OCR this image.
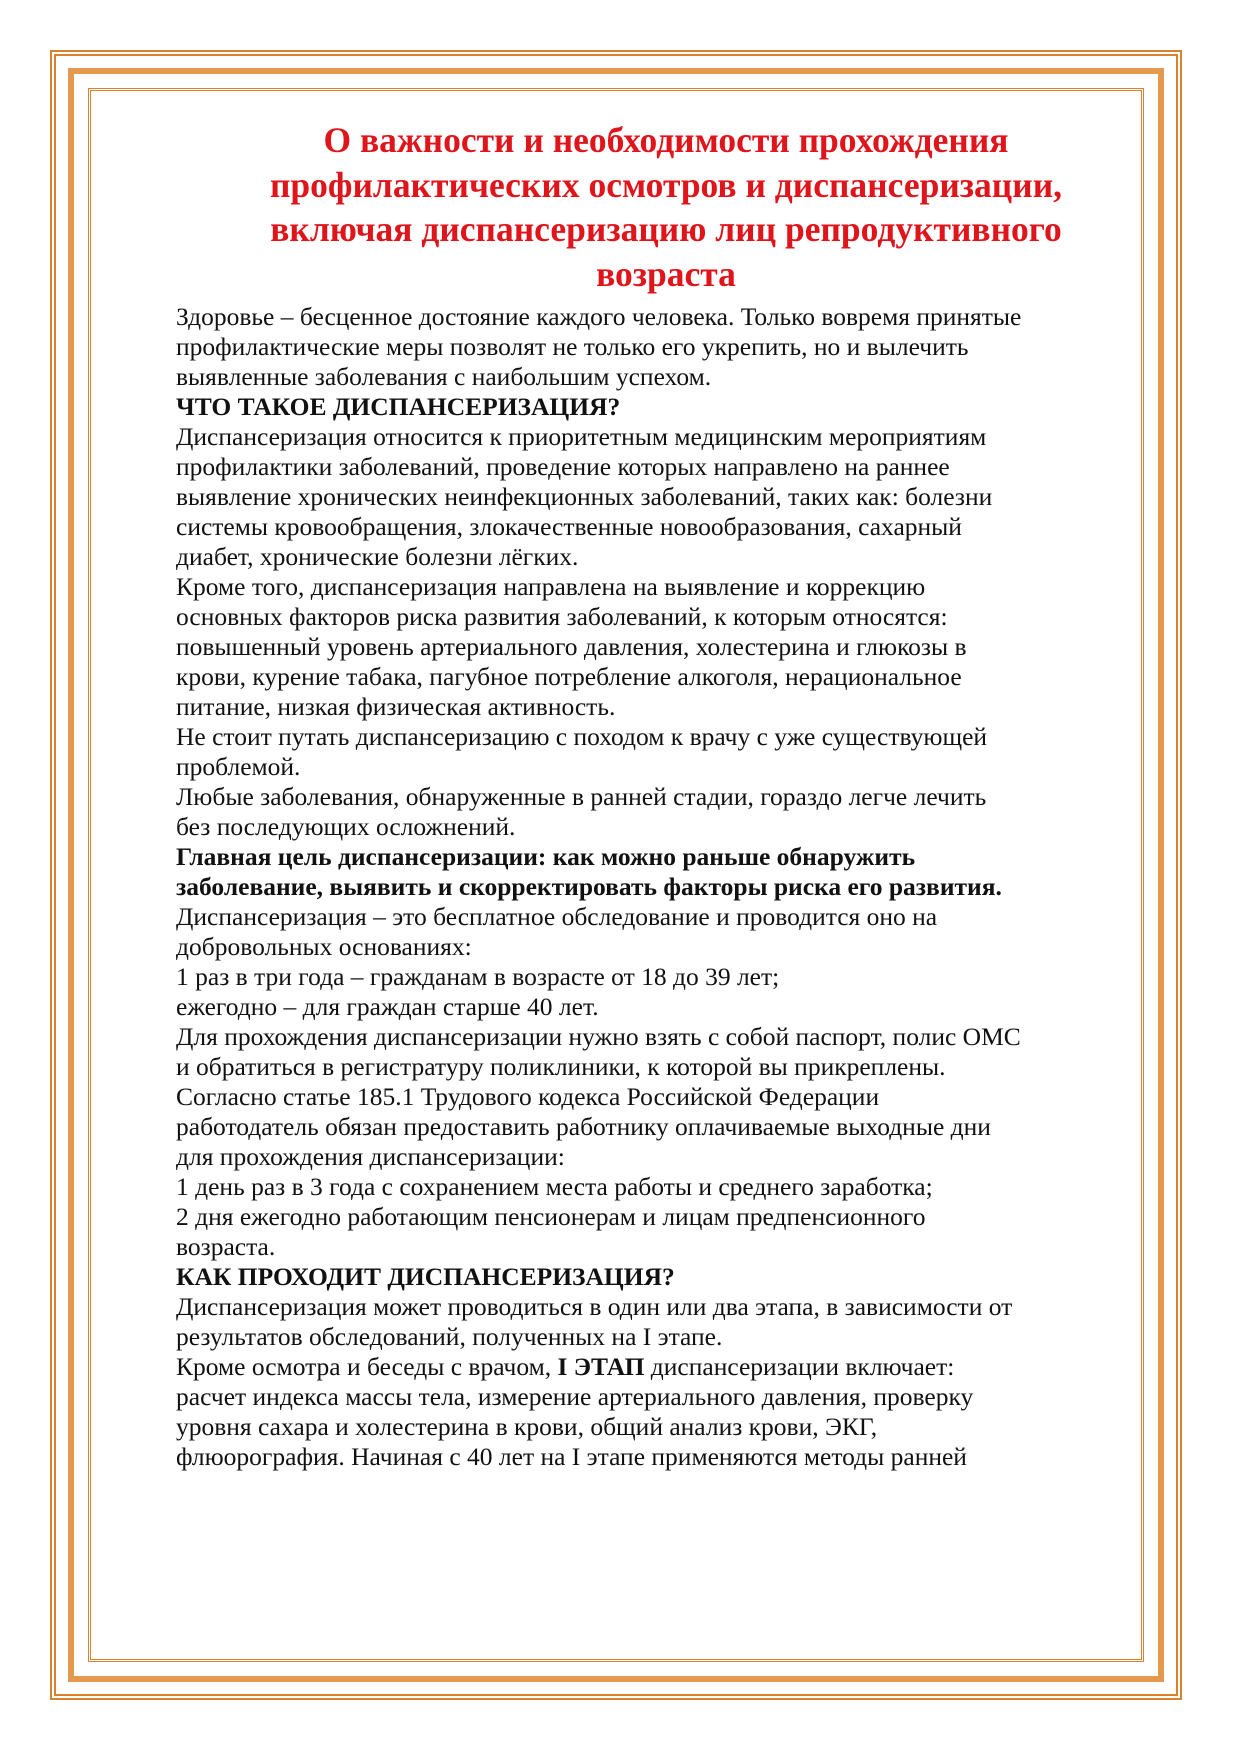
О важности и необходимости прохождения
профилактических осмотров и диспансеризации,
включая диспансеризацию лиц репродуктивного
возраста
Здоровье – бесценное достояние каждого человека. Только вовремя принятые
профилактические меры позволят не только его укрепить, но и вылечить
выявленные заболевания с наибольшим успехом.
ЧТО ТАКОЕ ДИСПАНСЕРИЗАЦИЯ?
Диспансеризация относится к приоритетным медицинским мероприятиям
профилактики заболеваний, проведение которых направлено на раннее
выявление хронических неинфекционных заболеваний, таких как: болезни
системы кровообращения, злокачественные новообразования, сахарный
диабет, хронические болезни лёгких.
Кроме того, диспансеризация направлена на выявление и коррекцию
основных факторов риска развития заболеваний, к которым относятся:
повышенный уровень артериального давления, холестерина и глюкозы в
крови, курение табака, пагубное потребление алкоголя, нерациональное
питание, низкая физическая активность.
Не стоит путать диспансеризацию с походом к врачу с уже существующей
проблемой.
Любые заболевания, обнаруженные в ранней стадии, гораздо легче лечить
без последующих осложнений.
Главная цель диспансеризации: как можно раньше обнаружить
заболевание, выявить и скорректировать факторы риска его развития.
Диспансеризация – это бесплатное обследование и проводится оно на
добровольных основаниях:
1 раз в три года – гражданам в возрасте от 18 до 39 лет;
ежегодно – для граждан старше 40 лет.
Для прохождения диспансеризации нужно взять с собой паспорт, полис ОМС
и обратиться в регистратуру поликлиники, к которой вы прикреплены.
Согласно статье 185.1 Трудового кодекса Российской Федерации
работодатель обязан предоставить работнику оплачиваемые выходные дни
для прохождения диспансеризации:
1 день раз в 3 года с сохранением места работы и среднего заработка;
2 дня ежегодно работающим пенсионерам и лицам предпенсионного
возраста.
КАК ПРОХОДИТ ДИСПАНСЕРИЗАЦИЯ?
Диспансеризация может проводиться в один или два этапа, в зависимости от
результатов обследований, полученных на I этапе.
Кроме осмотра и беседы с врачом, I ЭТАП диспансеризации включает:
расчет индекса массы тела, измерение артериального давления, проверку
уровня сахара и холестерина в крови, общий анализ крови, ЭКГ,
флюорография. Начиная с 40 лет на I этапе применяются методы ранней
